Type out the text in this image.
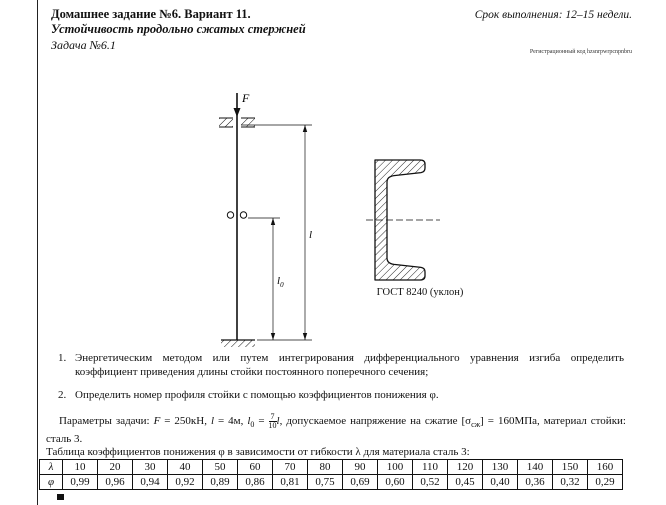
Домашнее задание №6. Вариант 11.
Устойчивость продольно сжатых стержней
Задача №6.1
Срок выполнения: 12–15 недели.
Регистрационный код hzsnrpwrpcnpnbru
F
l
$l_0$
ГОСТ 8240 (уклон)
1. Энергетическим методом или путем интегрирования дифференциального уравнения изгиба определить коэффициент приведения длины стойки постоянного поперечного сечения;
2. Определить номер профиля стойки с помощью коэффициентов понижения φ.
Параметры задачи: F = 250кН, l = 4м, $l_0 = \frac{7}{10}l$, допускаемое напряжение на сжатие $[\sigma_{сж}] = 160МПа$, материал стойки: сталь 3.
Таблица коэффициентов понижения φ в зависимости от гибкости λ для материала сталь 3:
λ	10	20	30	40	50	60	70	80	90	100	110	120	130	140	150	160
φ	0,99	0,96	0,94	0,92	0,89	0,86	0,81	0,75	0,69	0,60	0,52	0,45	0,40	0,36	0,32	0,29
